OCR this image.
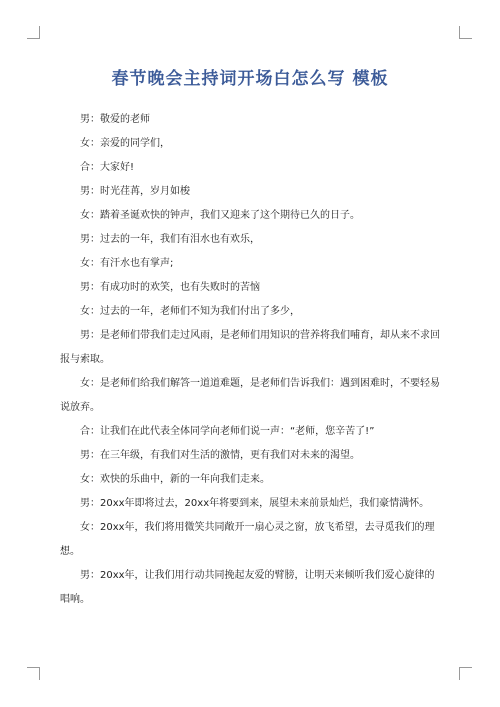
春节晚会主持词开场白怎么写 模板

男：敬爱的老师

女：亲爱的同学们，

合：大家好!

男：时光荏苒，岁月如梭

女：踏着圣诞欢快的钟声，我们又迎来了这个期待已久的日子。

男：过去的一年，我们有泪水也有欢乐，

女：有汗水也有掌声;

男：有成功时的欢笑，也有失败时的苦恼

女：过去的一年，老师们不知为我们付出了多少，

男：是老师们带我们走过风雨，是老师们用知识的营养将我们哺育，却从来不求回报与索取。

女：是老师们给我们解答一道道难题，是老师们告诉我们：遇到困难时，不要轻易说放弃。

合：让我们在此代表全体同学向老师们说一声：“老师，您辛苦了!”

男：在三年级，有我们对生活的激情，更有我们对未来的渴望。

女：欢快的乐曲中，新的一年向我们走来。

男：20xx年即将过去，20xx年将要到来，展望未来前景灿烂，我们豪情满怀。

女：20xx年，我们将用微笑共同敞开一扇心灵之窗，放飞希望，去寻觅我们的理想。

男：20xx年，让我们用行动共同挽起友爱的臂膀，让明天来倾听我们爱心旋律的唱响。
